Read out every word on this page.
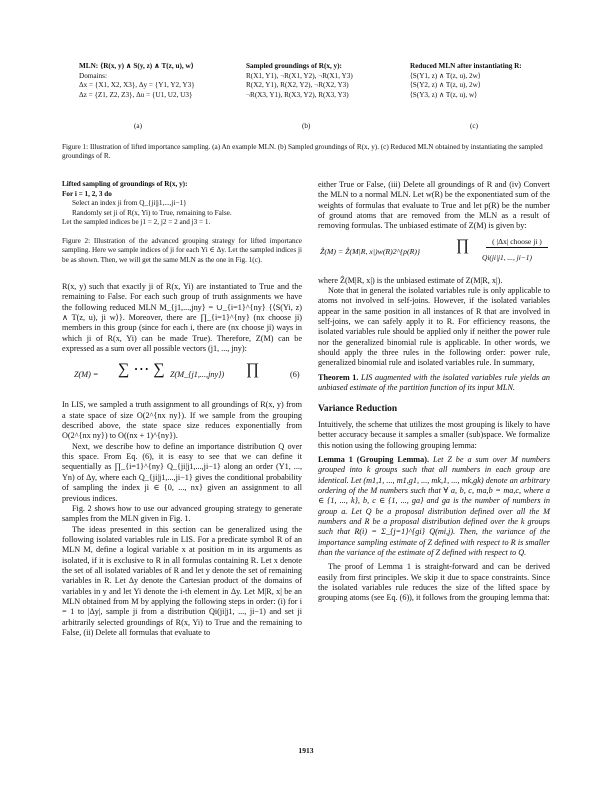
MLN: ⟨R(x, y) ∧ S(y, z) ∧ T(z, u), w⟩
Domains:
Δx = {X1, X2, X3}, Δy = {Y1, Y2, Y3}
Δz = {Z1, Z2, Z3}, Δu = {U1, U2, U3}
(a)
Sampled groundings of R(x, y):
R(X1, Y1), ¬R(X1, Y2), ¬R(X1, Y3)
R(X2, Y1), R(X2, Y2), ¬R(X2, Y3)
¬R(X3, Y1), R(X3, Y2), R(X3, Y3)
(b)
Reduced MLN after instantiating R:
⟨S(Y1, z) ∧ T(z, u), 2w⟩
⟨S(Y2, z) ∧ T(z, u), 2w⟩
⟨S(Y3, z) ∧ T(z, u), w⟩
(c)
Figure 1: Illustration of lifted importance sampling. (a) An example MLN. (b) Sampled groundings of R(x, y). (c) Reduced MLN obtained by instantiating the sampled groundings of R.
Lifted sampling of groundings of R(x, y):
For i = 1, 2, 3 do
Select an index ji from Q_{ji|j1,...,ji−1}
Randomly set ji of R(x, Yi) to True, remaining to False.
Let the sampled indices be j1 = 2, j2 = 2 and j3 = 1.
Figure 2: Illustration of the advanced grouping strategy for lifted importance sampling. Here we sample indices of ji for each Yi ∈ Δy. Let the sampled indices ji be as shown. Then, we will get the same MLN as the one in Fig. 1(c).

R(x, y) such that exactly ji of R(x, Yi) are instantiated to True and the remaining to False. For each such group of truth assignments we have the following reduced MLN M_{j1,...,jny} = ∪_{i=1}^{ny} {⟨S(Yi, z) ∧ T(z, u), ji w⟩}. Moreover, there are ∏_{i=1}^{ny} (nx choose ji) members in this group (since for each i, there are (nx choose ji) ways in which ji of R(x, Yi) can be made True). Therefore, Z(M) can be expressed as a sum over all possible vectors (j1, ..., jny):

Z(M) = ∑ ⋯ ∑ Z(M_{j1,...,jny}) ∏	(6)

In LIS, we sampled a truth assignment to all groundings of R(x, y) from a state space of size O(2^{nx ny}). If we sample from the grouping described above, the state space size reduces exponentially from O(2^{nx ny}) to O((nx + 1)^{ny}).

Next, we describe how to define an importance distribution Q over this space. From Eq. (6), it is easy to see that we can define it sequentially as ∏_{i=1}^{ny} Q_{ji|j1,...,ji−1} along an order (Y1, ..., Yn) of Δy, where each Q_{ji|j1,...,ji−1} gives the conditional probability of sampling the index ji ∈ {0, ..., nx} given an assignment to all previous indices.

Fig. 2 shows how to use our advanced grouping strategy to generate samples from the MLN given in Fig. 1.

The ideas presented in this section can be generalized using the following isolated variables rule in LIS. For a predicate symbol R of an MLN M, define a logical variable x at position m in its arguments as isolated, if it is exclusive to R in all formulas containing R. Let x denote the set of all isolated variables of R and let y denote the set of remaining variables in R. Let Δy denote the Cartesian product of the domains of variables in y and let Yi denote the i-th element in Δy. Let M|R, x| be an MLN obtained from M by applying the following steps in order: (i) for i = 1 to |Δy|, sample ji from a distribution Qi(ji|j1, ..., ji−1) and set ji arbitrarily selected groundings of R(x, Yi) to True and the remaining to False, (ii) Delete all formulas that evaluate to

either True or False, (iii) Delete all groundings of R and (iv) Convert the MLN to a normal MLN. Let w(R) be the exponentiated sum of the weights of formulas that evaluate to True and let p(R) be the number of ground atoms that are removed from the MLN as a result of removing formulas. The unbiased estimate of Z(M) is given by:

Ẑ(M) = Ẑ(M|R, x|)w(R)2^{p(R)} ∏	( |Δx| choose ji )
Qi(ji|j1, ..., ji−1)

where Ẑ(M|R, x|) is the unbiased estimate of Z(M|R, x|).

Note that in general the isolated variables rule is only applicable to atoms not involved in self-joins. However, if the isolated variables appear in the same position in all instances of R that are involved in self-joins, we can safely apply it to R. For efficiency reasons, the isolated variables rule should be applied only if neither the power rule nor the generalized binomial rule is applicable. In other words, we should apply the three rules in the following order: power rule, generalized binomial rule and isolated variables rule. In summary,

Theorem 1. LIS augmented with the isolated variables rule yields an unbiased estimate of the partition function of its input MLN.

Variance Reduction

Intuitively, the scheme that utilizes the most grouping is likely to have better accuracy because it samples a smaller (sub)space. We formalize this notion using the following grouping lemma:

Lemma 1 (Grouping Lemma). Let Z be a sum over M numbers grouped into k groups such that all numbers in each group are identical. Let (m1,1, ..., m1,g1, ..., mk,1, ..., mk,gk) denote an arbitrary ordering of the M numbers such that ∀ a, b, c, ma,b = ma,c, where a ∈ {1, ..., k}, b, c ∈ {1, ..., ga} and ga is the number of numbers in group a. Let Q be a proposal distribution defined over all the M numbers and R be a proposal distribution defined over the k groups such that R(i) = Σ_{j=1}^{gi} Q(mi,j). Then, the variance of the importance sampling estimate of Z defined with respect to R is smaller than the variance of the estimate of Z defined with respect to Q.

The proof of Lemma 1 is straight-forward and can be derived easily from first principles. We skip it due to space constraints. Since the isolated variables rule reduces the size of the lifted space by grouping atoms (see Eq. (6)), it follows from the grouping lemma that:

1913
